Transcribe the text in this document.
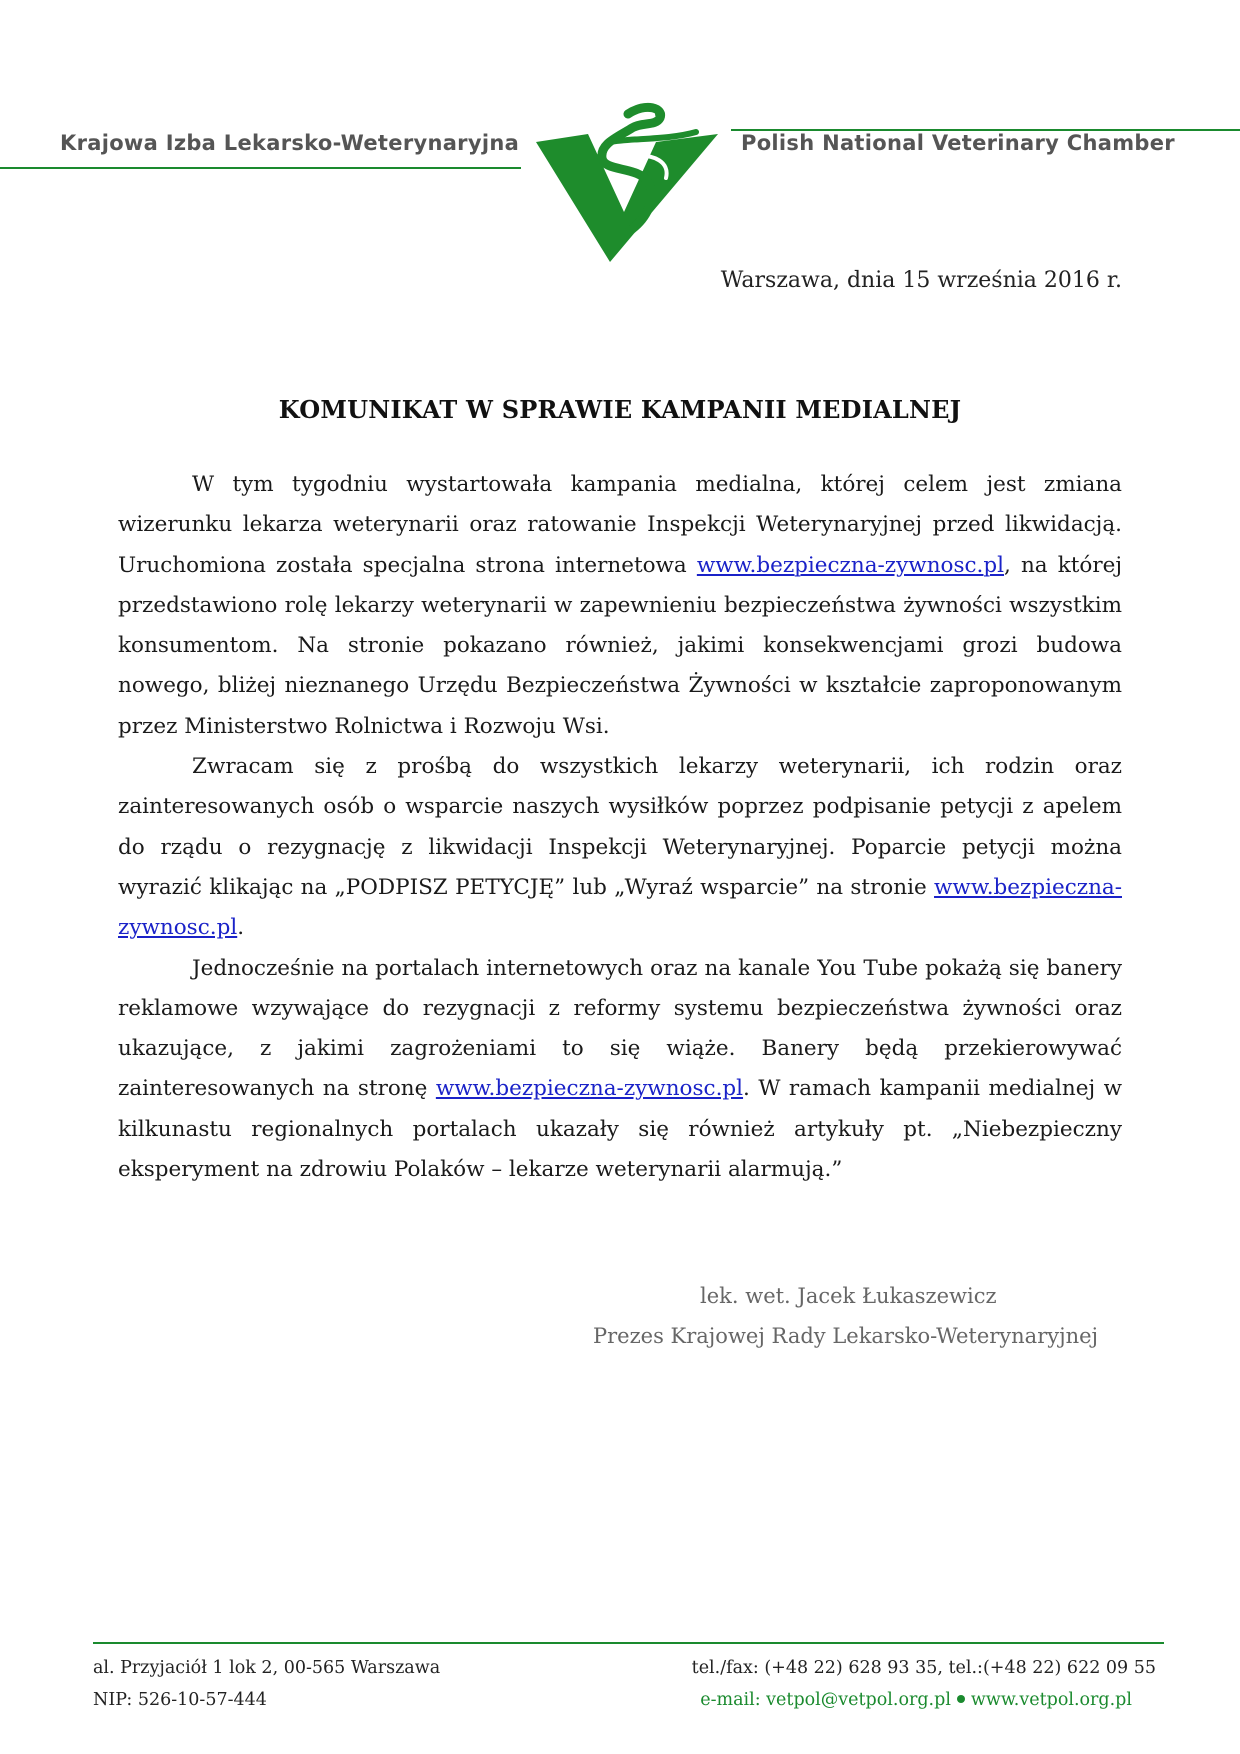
Krajowa Izba Lekarsko-Weterynaryjna	Polish National Veterinary Chamber
Warszawa, dnia 15 września 2016 r.
KOMUNIKAT W SPRAWIE KAMPANII MEDIALNEJ

W tym tygodniu wystartowała kampania medialna, której celem jest zmiana wizerunku lekarza weterynarii oraz ratowanie Inspekcji Weterynaryjnej przed likwidacją. Uruchomiona została specjalna strona internetowa www.bezpieczna-zywnosc.pl, na której przedstawiono rolę lekarzy weterynarii w zapewnieniu bezpieczeństwa żywności wszystkim konsumentom. Na stronie pokazano również, jakimi konsekwencjami grozi budowa nowego, bliżej nieznanego Urzędu Bezpieczeństwa Żywności w kształcie zaproponowanym przez Ministerstwo Rolnictwa i Rozwoju Wsi.

Zwracam się z prośbą do wszystkich lekarzy weterynarii, ich rodzin oraz zainteresowanych osób o wsparcie naszych wysiłków poprzez podpisanie petycji z apelem do rządu o rezygnację z likwidacji Inspekcji Weterynaryjnej. Poparcie petycji można wyrazić klikając na „PODPISZ PETYCJĘ” lub „Wyraź wsparcie” na stronie www.bezpieczna-zywnosc.pl.

Jednocześnie na portalach internetowych oraz na kanale You Tube pokażą się banery reklamowe wzywające do rezygnacji z reformy systemu bezpieczeństwa żywności oraz ukazujące, z jakimi zagrożeniami to się wiąże. Banery będą przekierowywać zainteresowanych na stronę www.bezpieczna-zywnosc.pl. W ramach kampanii medialnej w kilkunastu regionalnych portalach ukazały się również artykuły pt. „Niebezpieczny eksperyment na zdrowiu Polaków – lekarze weterynarii alarmują.”

lek. wet. Jacek Łukaszewicz
Prezes Krajowej Rady Lekarsko-Weterynaryjnej
al. Przyjaciół 1 lok 2, 00-565 Warszawa
NIP: 526-10-57-444
tel./fax: (+48 22) 628 93 35, tel.:(+48 22) 622 09 55
e-mail: vetpol@vetpol.org.pl www.vetpol.org.pl
